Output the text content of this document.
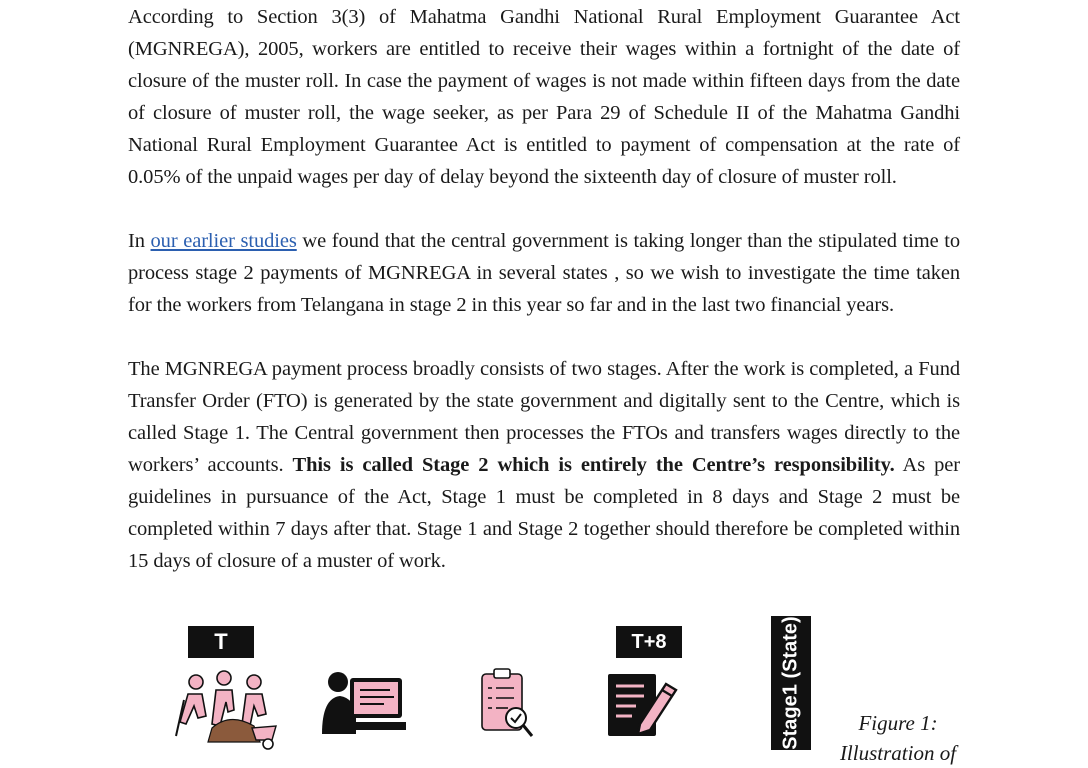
According to Section 3(3) of Mahatma Gandhi National Rural Employment Guarantee Act (MGNREGA), 2005, workers are entitled to receive their wages within a fortnight of the date of closure of the muster roll. In case the payment of wages is not made within fifteen days from the date of closure of muster roll, the wage seeker, as per Para 29 of Schedule II of the Mahatma Gandhi National Rural Employment Guarantee Act is entitled to payment of compensation at the rate of 0.05% of the unpaid wages per day of delay beyond the sixteenth day of closure of muster roll.

In our earlier studies we found that the central government is taking longer than the stipulated time to process stage 2 payments of MGNREGA in several states , so we wish to investigate the time taken for the workers from Telangana in stage 2 in this year so far and in the last two financial years.

The MGNREGA payment process broadly consists of two stages. After the work is completed, a Fund Transfer Order (FTO) is generated by the state government and digitally sent to the Centre, which is called Stage 1. The Central government then processes the FTOs and transfers wages directly to the workers’ accounts. This is called Stage 2 which is entirely the Centre’s responsibility. As per guidelines in pursuance of the Act, Stage 1 must be completed in 8 days and Stage 2 must be completed within 7 days after that. Stage 1 and Stage 2 together should therefore be completed within 15 days of closure of a muster of work.

T	T+8	Stage1 (State)	Figure 1:
Illustration of
